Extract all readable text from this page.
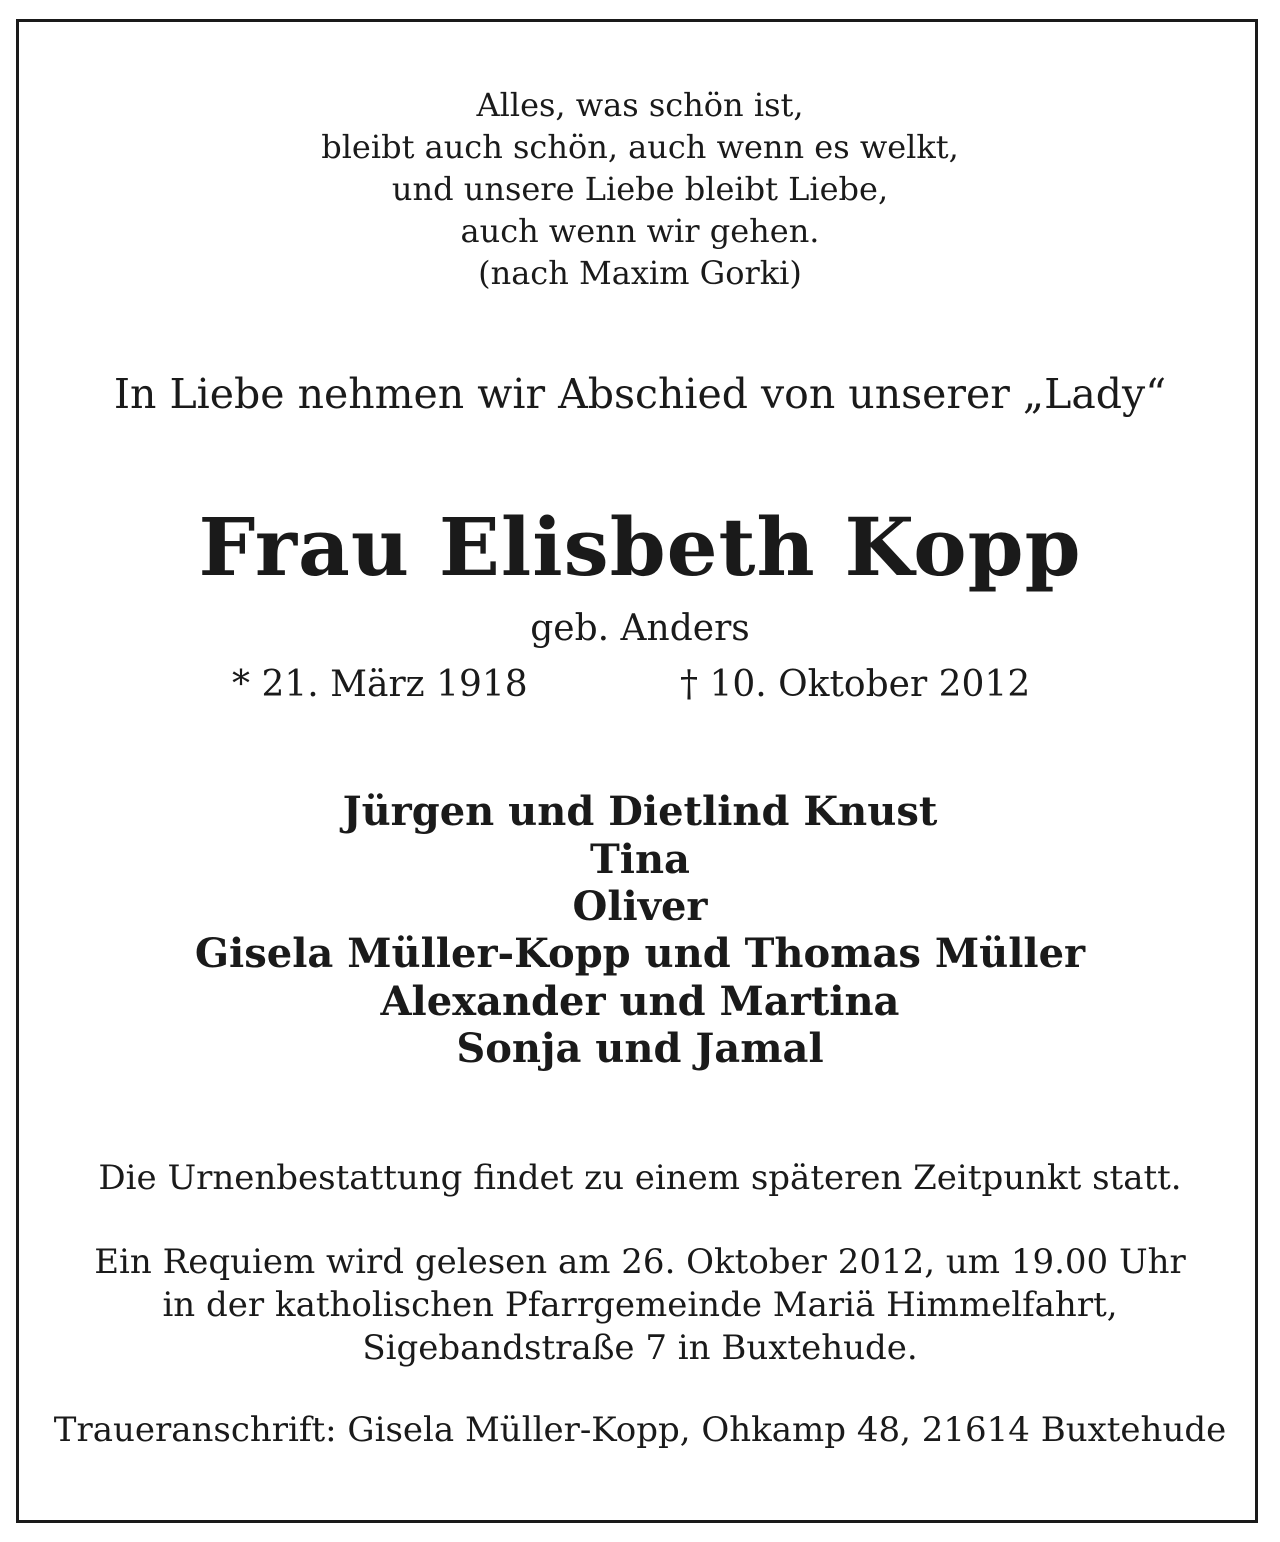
Alles, was schön ist,
bleibt auch schön, auch wenn es welkt,
und unsere Liebe bleibt Liebe,
auch wenn wir gehen.
(nach Maxim Gorki)
In Liebe nehmen wir Abschied von unserer „Lady“
Frau Elisbeth Kopp
geb. Anders
* 21. März 1918	† 10. Oktober 2012
Jürgen und Dietlind Knust
Tina
Oliver
Gisela Müller-Kopp und Thomas Müller
Alexander und Martina
Sonja und Jamal
Die Urnenbestattung findet zu einem späteren Zeitpunkt statt.
Ein Requiem wird gelesen am 26. Oktober 2012, um 19.00 Uhr
in der katholischen Pfarrgemeinde Mariä Himmelfahrt,
Sigebandstraße 7 in Buxtehude.
Traueranschrift: Gisela Müller-Kopp, Ohkamp 48, 21614 Buxtehude
